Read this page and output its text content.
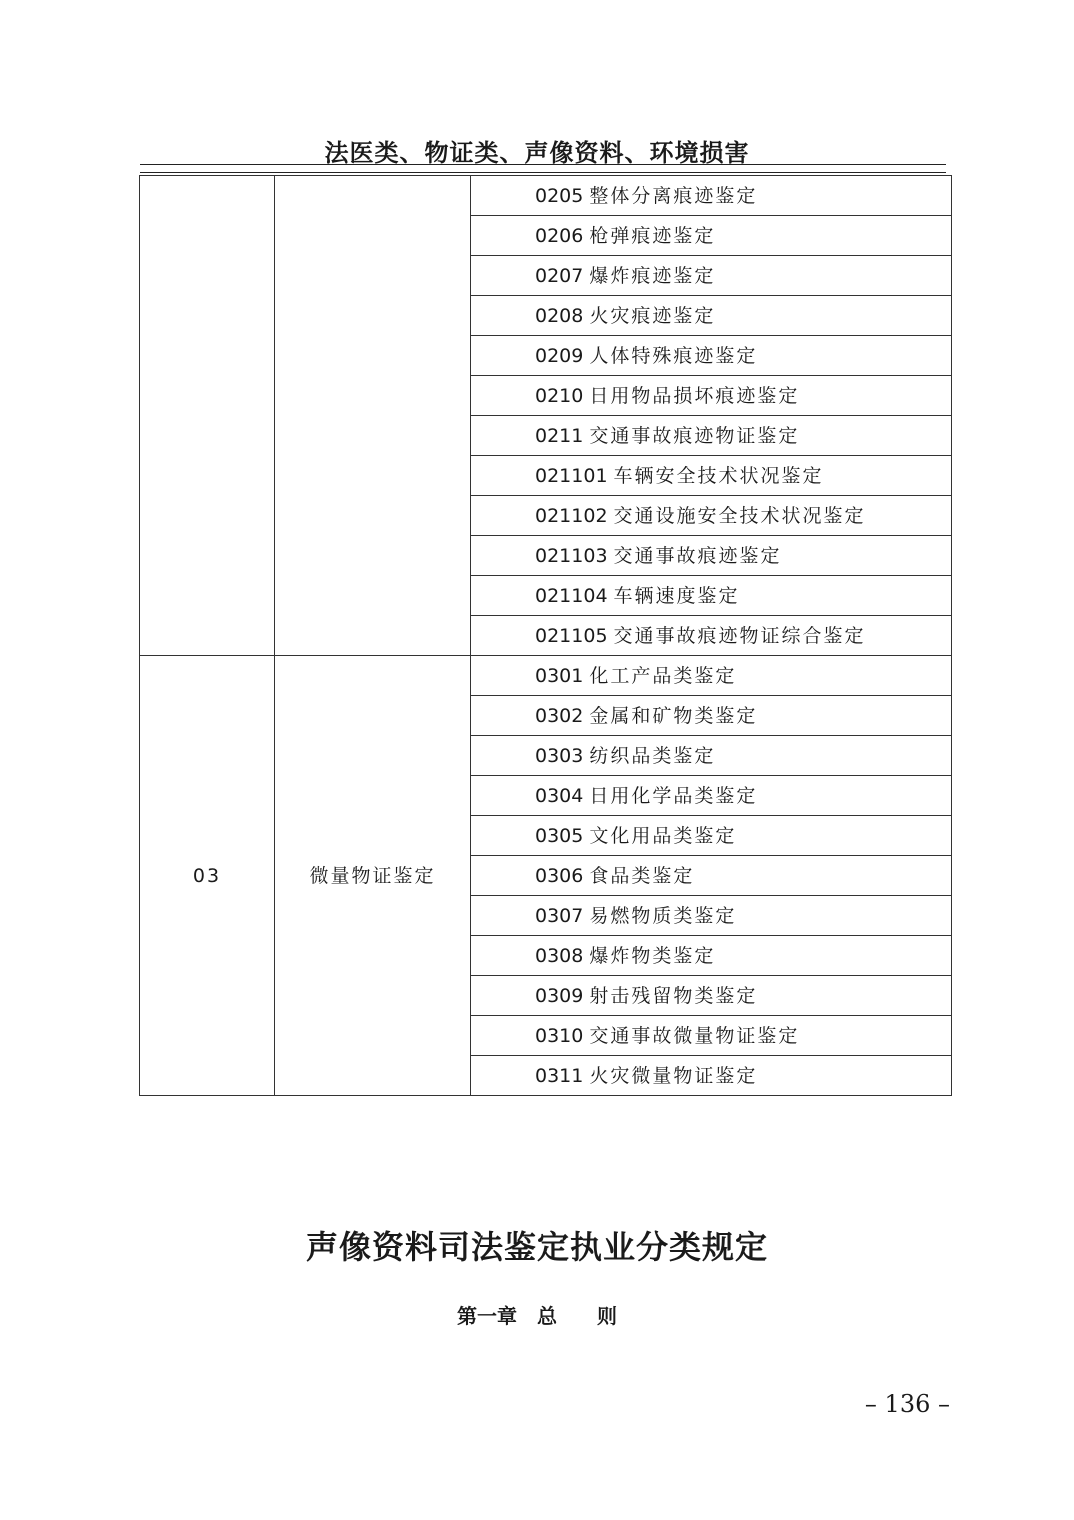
法医类、物证类、声像资料、环境损害
		0205 整体分离痕迹鉴定
		0206 枪弹痕迹鉴定
		0207 爆炸痕迹鉴定
		0208 火灾痕迹鉴定
		0209 人体特殊痕迹鉴定
		0210 日用物品损坏痕迹鉴定
		0211 交通事故痕迹物证鉴定
		021101 车辆安全技术状况鉴定
		021102 交通设施安全技术状况鉴定
		021103 交通事故痕迹鉴定
		021104 车辆速度鉴定
		021105 交通事故痕迹物证综合鉴定
03	微量物证鉴定	0301 化工产品类鉴定
		0302 金属和矿物类鉴定
		0303 纺织品类鉴定
		0304 日用化学品类鉴定
		0305 文化用品类鉴定
		0306 食品类鉴定
		0307 易燃物质类鉴定
		0308 爆炸物类鉴定
		0309 射击残留物类鉴定
		0310 交通事故微量物证鉴定
		0311 火灾微量物证鉴定
声像资料司法鉴定执业分类规定
第一章　总　　则
– 136 –
